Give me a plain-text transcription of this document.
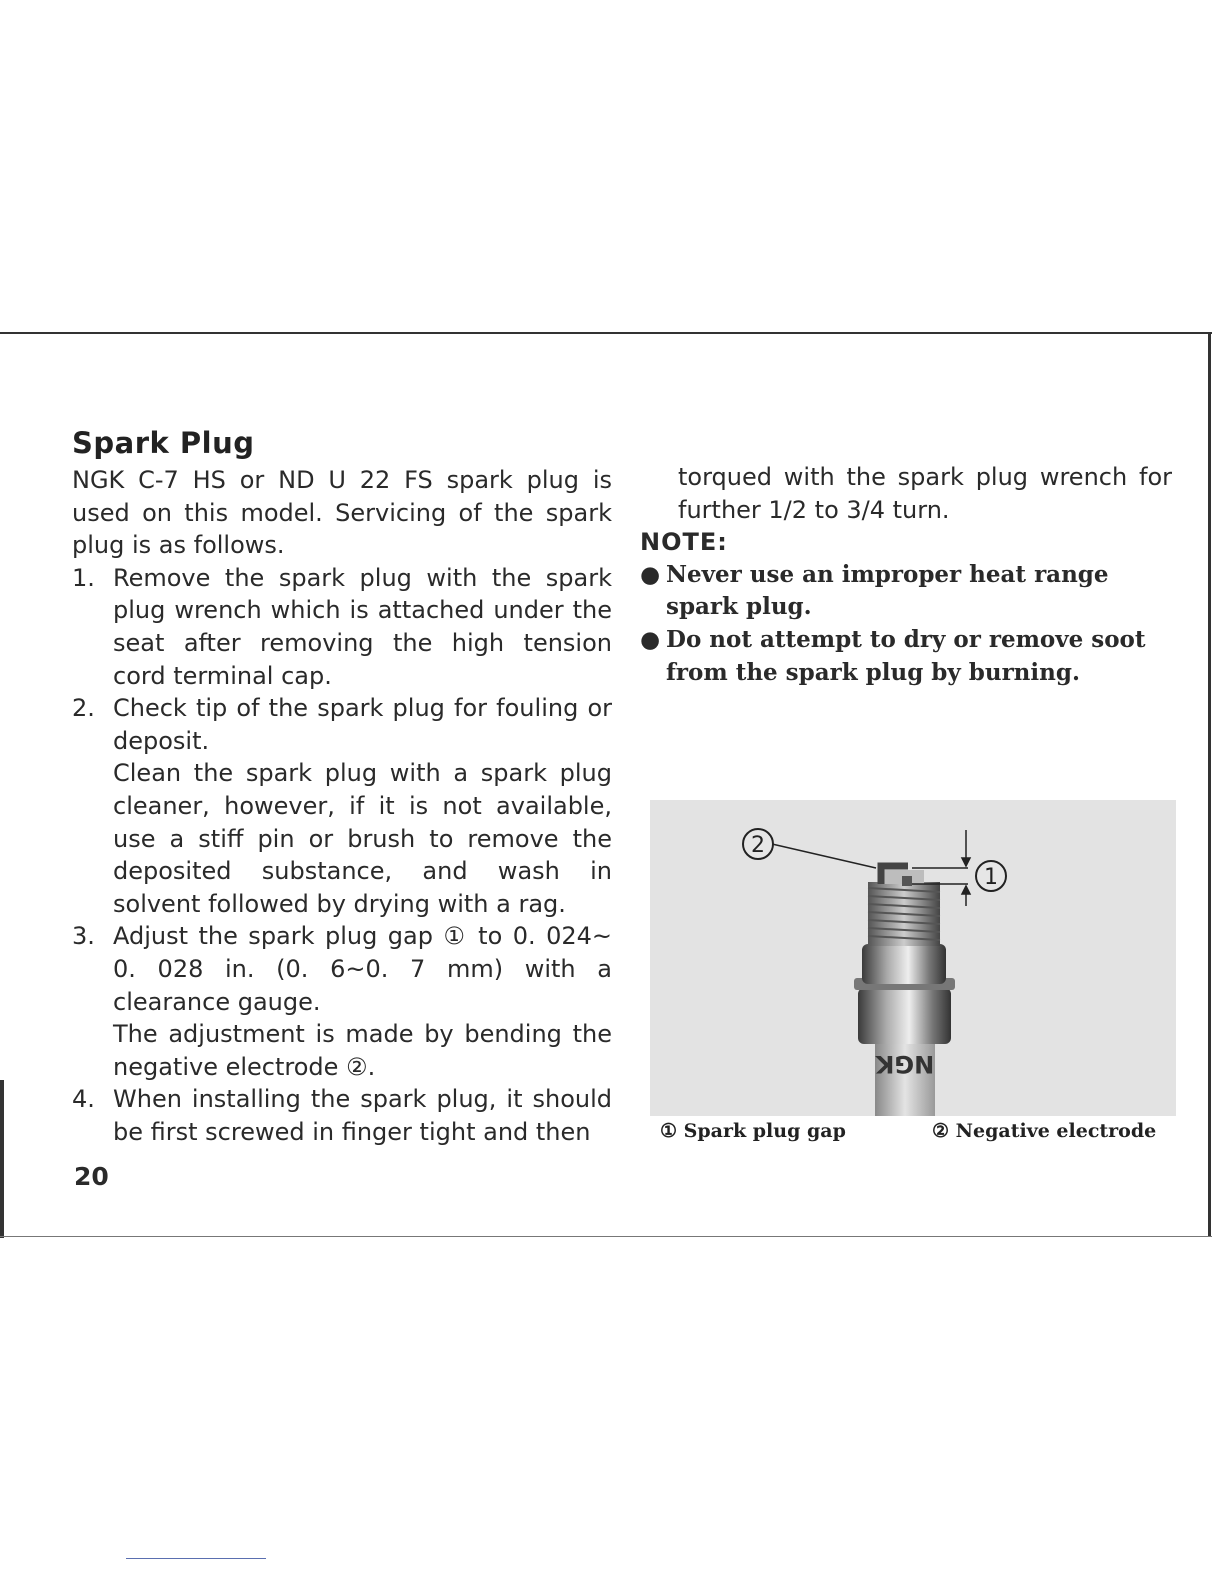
Spark Plug

NGK C-7 HS or ND U 22 FS spark plug is used on this model. Servicing of the spark plug is as follows.

1. Remove the spark plug with the spark plug wrench which is attached under the seat after removing the high tension cord terminal cap.

2. Check tip of the spark plug for fouling or deposit.

Clean the spark plug with a spark plug cleaner, however, if it is not available, use a stiff pin or brush to remove the deposited substance, and wash in solvent followed by drying with a rag.

3. Adjust the spark plug gap ① to 0. 024~ 0. 028 in. (0. 6~0. 7 mm) with a clearance gauge.

The adjustment is made by bending the negative electrode ②.

4. When installing the spark plug, it should be first screwed in finger tight and then

torqued with the spark plug wrench for further 1/2 to 3/4 turn.

NOTE:

● Never use an improper heat range spark plug.
● Do not attempt to dry or remove soot from the spark plug by burning.
2
1
NGK
① Spark plug gap	② Negative electrode
20
